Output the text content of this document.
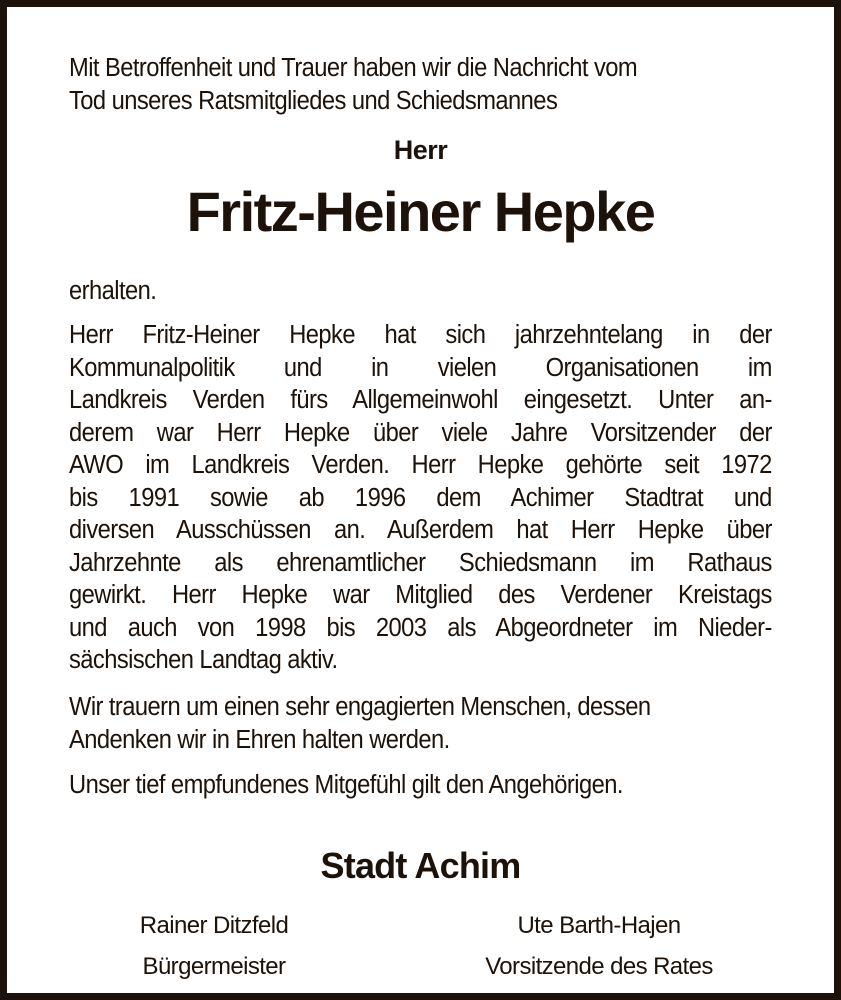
Mit Betroffenheit und Trauer haben wir die Nachricht vom
Tod unseres Ratsmitgliedes und Schiedsmannes
Herr
Fritz-Heiner Hepke
erhalten.
Herr Fritz-Heiner Hepke hat sich jahrzehntelang in der
Kommunalpolitik und in vielen Organisationen im
Landkreis Verden fürs Allgemeinwohl eingesetzt. Unter an-
derem war Herr Hepke über viele Jahre Vorsitzender der
AWO im Landkreis Verden. Herr Hepke gehörte seit 1972
bis 1991 sowie ab 1996 dem Achimer Stadtrat und
diversen Ausschüssen an. Außerdem hat Herr Hepke über
Jahrzehnte als ehrenamtlicher Schiedsmann im Rathaus
gewirkt. Herr Hepke war Mitglied des Verdener Kreistags
und auch von 1998 bis 2003 als Abgeordneter im Nieder-
sächsischen Landtag aktiv.
Wir trauern um einen sehr engagierten Menschen, dessen
Andenken wir in Ehren halten werden.
Unser tief empfundenes Mitgefühl gilt den Angehörigen.
Stadt Achim
Rainer Ditzfeld
Bürgermeister
Ute Barth-Hajen
Vorsitzende des Rates
